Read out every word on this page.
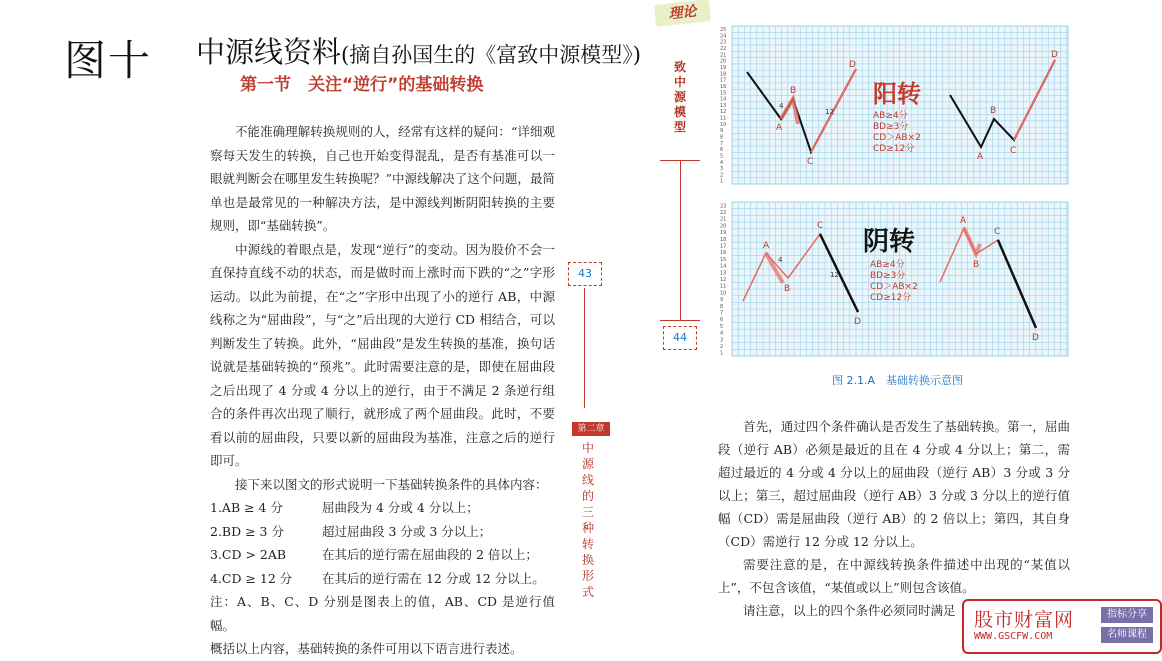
图十 中源线资料(摘自孙国生的《富致中源模型》)
第一节　关注“逆行”的基础转换

不能准确理解转换规则的人，经常有这样的疑问：“详细观察每天发生的转换，自己也开始变得混乱，是否有基准可以一眼就判断会在哪里发生转换呢？”中源线解决了这个问题，最简单也是最常见的一种解决方法，是中源线判断阴阳转换的主要规则，即“基础转换”。

中源线的着眼点是，发现“逆行”的变动。因为股价不会一直保持直线不动的状态，而是做时而上涨时而下跌的“之”字形运动。以此为前提，在“之”字形中出现了小的逆行 AB，中源线称之为“屈曲段”，与“之”后出现的大逆行 CD 相结合，可以判断发生了转换。此外，“屈曲段”是发生转换的基准，换句话说就是基础转换的“预兆”。此时需要注意的是，即使在屈曲段之后出现了 4 分或 4 分以上的逆行，由于不满足 2 条逆行组合的条件再次出现了顺行，就形成了两个屈曲段。此时，不要看以前的屈曲段，只要以新的屈曲段为基准，注意之后的逆行即可。

接下来以图文的形式说明一下基础转换条件的具体内容：

1.AB ≥ 4 分	屈曲段为 4 分或 4 分以上；

2.BD ≥ 3 分	超过屈曲段 3 分或 3 分以上；

3.CD > 2AB	在其后的逆行需在屈曲段的 2 倍以上；

4.CD ≥ 12 分	在其后的逆行需在 12 分或 12 分以上。

注：A、B、C、D 分别是图表上的值，AB、CD 是逆行值幅。

概括以上内容，基础转换的条件可用以下语言进行表述。

理论
致中源模型
43
44
第二章
中源线的三种转换形式
25
24
23
22
21
20
19
18
17
16
15
14
13
12
11
10
9
8
7
6
5
4
3
2
1
阳转
AB≥4分
BD≥3分
CD＞AB×2
CD≥12分
A
B
C
D
4
12
A
B
C
D
23
22
21
20
19
18
17
16
15
14
13
12
11
10
9
8
7
6
5
4
3
2
1
阴转
AB≥4分
BD≥3分
CD＞AB×2
CD≥12分
A
B
C
D
4
12
A
B
C
D
图 2.1.A　基础转换示意图

首先，通过四个条件确认是否发生了基础转换。第一，屈曲段（逆行 AB）必须是最近的且在 4 分或 4 分以上；第二，需超过最近的 4 分或 4 分以上的屈曲段（逆行 AB）3 分或 3 分以上；第三，超过屈曲段（逆行 AB）3 分或 3 分以上的逆行值幅（CD）需是屈曲段（逆行 AB）的 2 倍以上；第四，其自身（CD）需逆行 12 分或 12 分以上。

需要注意的是，在中源线转换条件描述中出现的“某值以上”，不包含该值，“某值或以上”则包含该值。

请注意，以上的四个条件必须同时满足 股市财富网
WWW.GSCFW.COM
指标分享
名师课程
